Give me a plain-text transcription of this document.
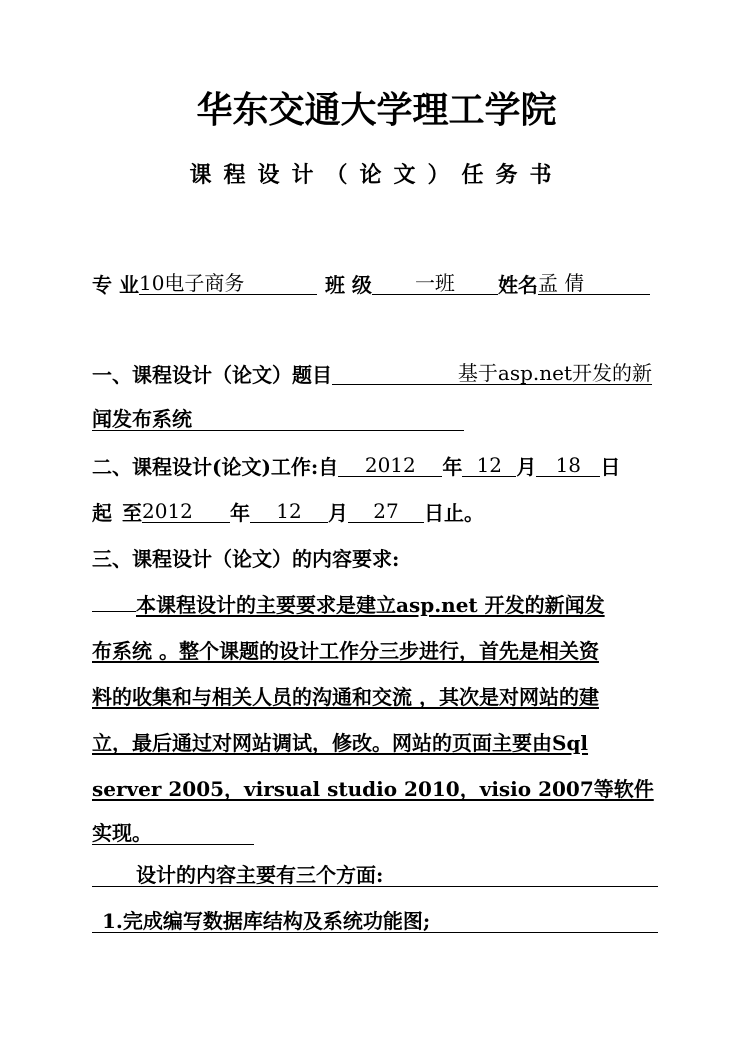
华东交通大学理工学院
课程设计（论文）任务书
专 业10电子商务	班 级 一班 姓名孟 倩
一、课程设计（论文）题目	基于asp.net开发的新
闻发布系统
二、课程设计(论文)工作:自 2012 年 12 月 18 日
起 至2012 年 12 月 27 日止。
三、课程设计（论文）的内容要求:
本课程设计的主要要求是建立asp.net 开发的新闻发
布系统 。整个课题的设计工作分三步进行，首先是相关资
料的收集和与相关人员的沟通和交流 ，其次是对网站的建
立，最后通过对网站调试，修改。网站的页面主要由Sql
server 2005，virsual studio 2010，visio 2007等软件
实现。
设计的内容主要有三个方面:
1.完成编写数据库结构及系统功能图;
